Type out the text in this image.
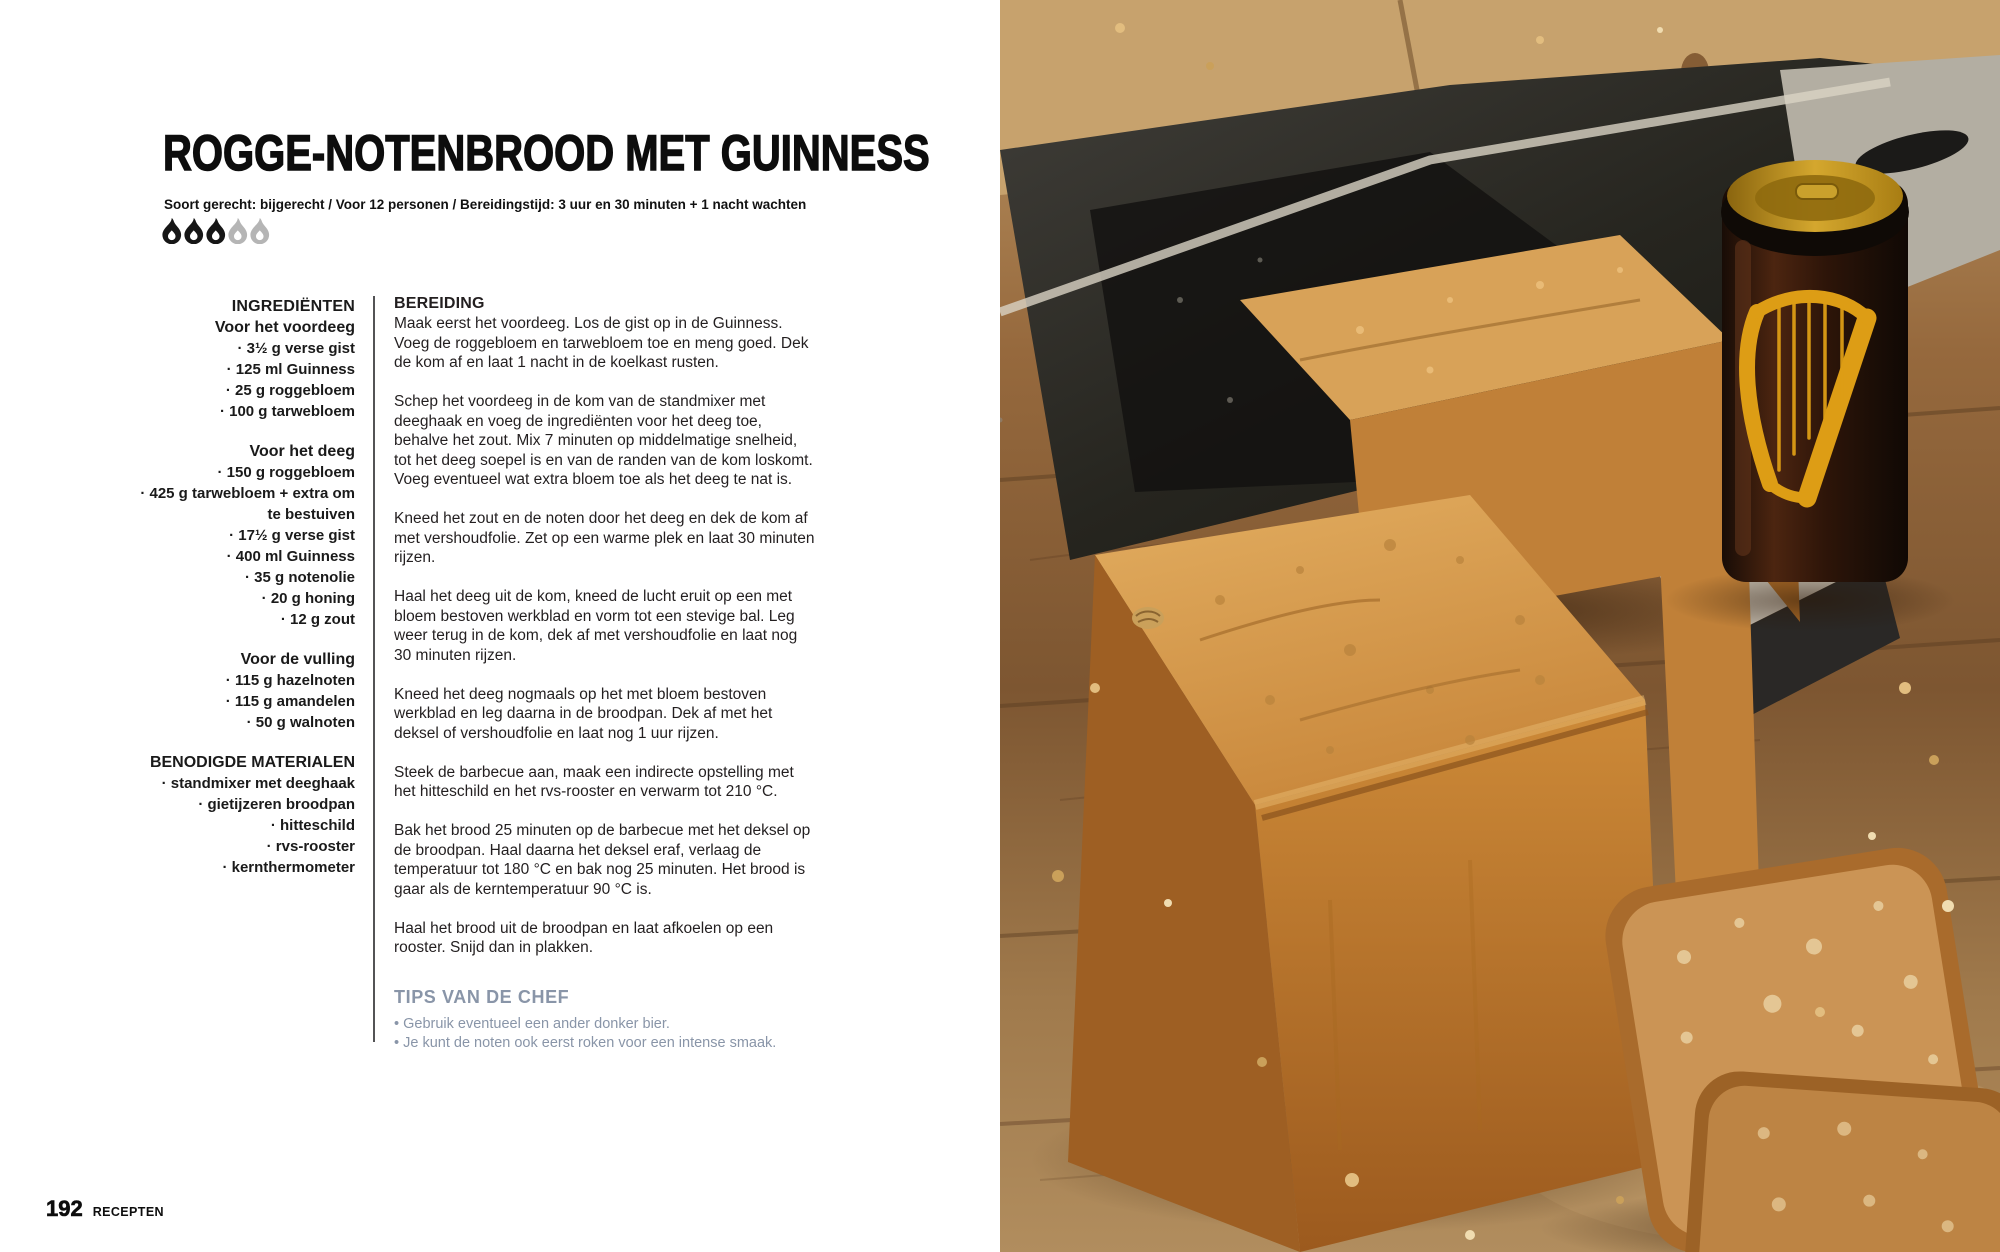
ROGGE-NOTENBROOD MET GUINNESS

Soort gerecht: bijgerecht / Voor 12 personen / Bereidingstijd: 3 uur en 30 minuten + 1 nacht wachten

INGREDIËNTEN
Voor het voordeeg
· 3½ g verse gist
· 125 ml Guinness
· 25 g roggebloem
· 100 g tarwebloem
Voor het deeg
· 150 g roggebloem
· 425 g tarwebloem + extra om te bestuiven
· 17½ g verse gist
· 400 ml Guinness
· 35 g notenolie
· 20 g honing
· 12 g zout
Voor de vulling
· 115 g hazelnoten
· 115 g amandelen
· 50 g walnoten
BENODIGDE MATERIALEN
· standmixer met deeghaak
· gietijzeren broodpan
· hitteschild
· rvs-rooster
· kernthermometer
BEREIDING

Maak eerst het voordeeg. Los de gist op in de Guinness. Voeg de roggebloem en tarwebloem toe en meng goed. Dek de kom af en laat 1 nacht in de koelkast rusten.

Schep het voordeeg in de kom van de standmixer met deeghaak en voeg de ingrediënten voor het deeg toe, behalve het zout. Mix 7 minuten op middelmatige snelheid, tot het deeg soepel is en van de randen van de kom loskomt. Voeg eventueel wat extra bloem toe als het deeg te nat is.

Kneed het zout en de noten door het deeg en dek de kom af met vershoudfolie. Zet op een warme plek en laat 30 minuten rijzen.

Haal het deeg uit de kom, kneed de lucht eruit op een met bloem bestoven werkblad en vorm tot een stevige bal. Leg weer terug in de kom, dek af met vershoudfolie en laat nog 30 minuten rijzen.

Kneed het deeg nogmaals op het met bloem bestoven werkblad en leg daarna in de broodpan. Dek af met het deksel of vershoudfolie en laat nog 1 uur rijzen.

Steek de barbecue aan, maak een indirecte opstelling met het hitteschild en het rvs-rooster en verwarm tot 210 °C.

Bak het brood 25 minuten op de barbecue met het deksel op de broodpan. Haal daarna het deksel eraf, verlaag de temperatuur tot 180 °C en bak nog 25 minuten. Het brood is gaar als de kerntemperatuur 90 °C is.

Haal het brood uit de broodpan en laat afkoelen op een rooster. Snijd dan in plakken.

TIPS VAN DE CHEF
• Gebruik eventueel een ander donker bier.
• Je kunt de noten ook eerst roken voor een intense smaak.
192 RECEPTEN
